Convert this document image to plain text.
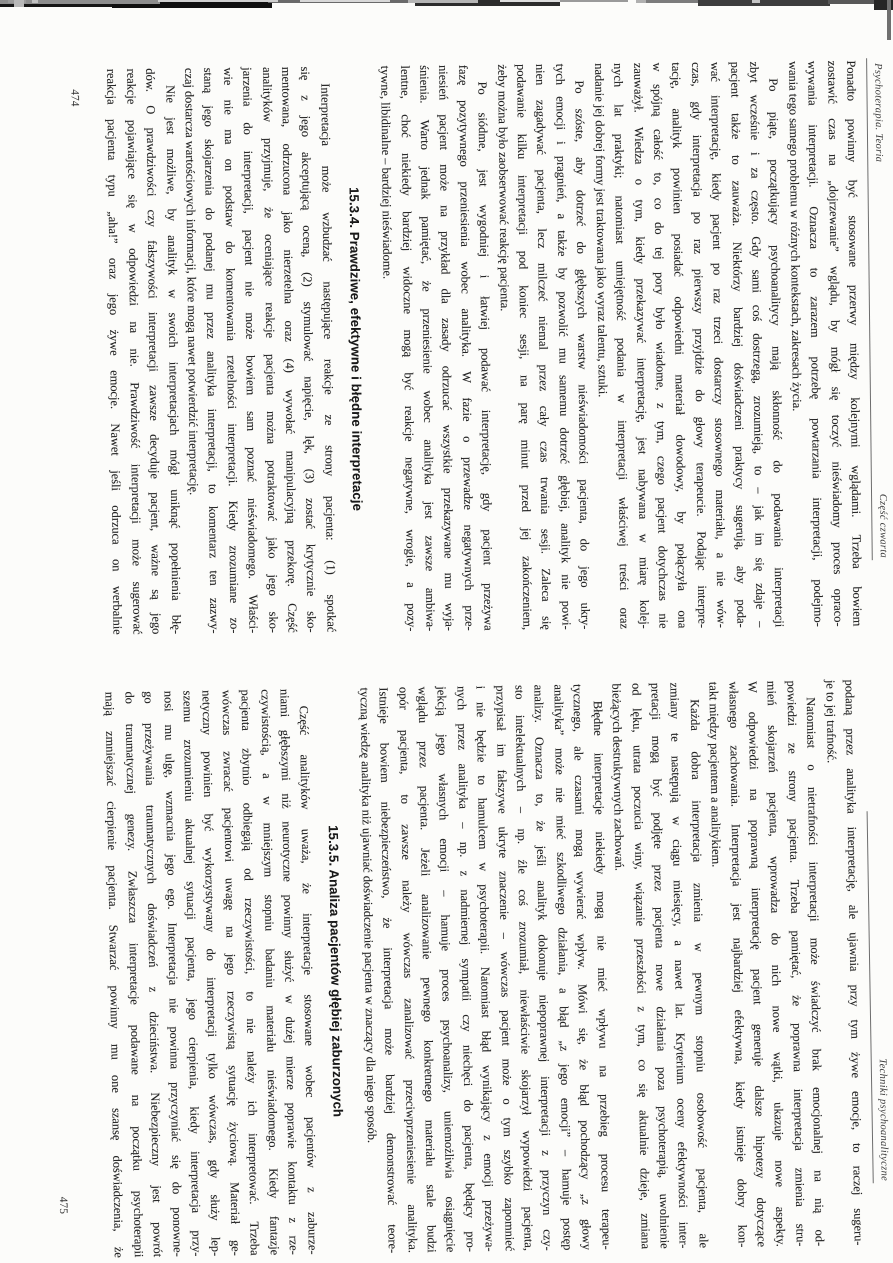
Psychoterapia. Teoria
Część czwarta
Ponadto powinny być stosowane przerwy między kolejnymi wglądami. Trzeba bowiem
zostawić czas na „dojrzewanie” wglądu, by mógł się toczyć nieświadomy proces opraco-
wywania interpretacji. Oznacza to zarazem potrzebę powtarzania interpretacji, podejmo-
wania tego samego problemu w różnych kontekstach, zakresach życia.
Po piąte, początkujący psychoanalitycy mają skłonność do podawania interpretacji
zbyt wcześnie i za często. Gdy sami coś dostrzegą, zrozumieją, to – jak im się zdaje –
pacjent także to zauważa. Niektórzy bardziej doświadczeni praktycy sugerują, aby poda-
wać interpretację, kiedy pacjent po raz trzeci dostarczy stosownego materiału, a nie wów-
czas, gdy interpretacja po raz pierwszy przyjdzie do głowy terapeucie. Podając interpre-
tację, analityk powinien posiadać odpowiedni materiał dowodowy, by połączyła ona
w spójną całość to, co do tej pory było wiadome, z tym, czego pacjent dotychczas nie
zauważył. Wiedza o tym, kiedy przekazywać interpretację, jest nabywana w miarę kolej-
nych lat praktyki; natomiast umiejętność podania w interpretacji właściwej treści oraz
nadanie jej dobrej formy jest traktowana jako wyraz talentu, sztuki.
Po szóste, aby dotrzeć do głębszych warstw nieświadomości pacjenta, do jego ukry-
tych emocji i pragnień, a także by pozwolić mu samemu dotrzeć głębiej, analityk nie powi-
nien zagadywać pacjenta, lecz milczeć niemal przez cały czas trwania sesji. Zaleca się
podawanie kilku interpretacji pod koniec sesji, na parę minut przed jej zakończeniem,
żeby można było zaobserwować reakcję pacjenta.
Po siódme, jest wygodniej i łatwiej podawać interpretację, gdy pacjent przeżywa
fazę pozytywnego przeniesienia wobec analityka. W fazie o przewadze negatywnych prze-
niesień pacjent może na przykład dla zasady odrzucać wszystkie przekazywane mu wyja-
śnienia. Warto jednak pamiętać, że przeniesienie wobec analityka jest zawsze ambiwa-
lentne, choć niekiedy bardziej widoczne mogą być reakcje negatywne, wrogie, a pozy-
tywne, libidinalne – bardziej nieświadome.
15.3.4. Prawdziwe, efektywne i błędne interpretacje
Interpretacja może wzbudzać następujące reakcje ze strony pacjenta: (1) spotkać
się z jego akceptującą oceną, (2) stymulować napięcie, lęk, (3) zostać krytycznie sko-
mentowana, odrzucona jako nierzetelna oraz (4) wywołać manipulacyjną przekorę. Część
analityków przyjmuje, że oceniające reakcje pacjenta można potraktować jako jego sko-
jarzenia do interpretacji, pacjent nie może bowiem sam poznać nieświadomego. Właści-
wie nie ma on podstaw do komentowania rzetelności interpretacji. Kiedy zrozumiane zo-
staną jego skojarzenia do podanej mu przez analityka interpretacji, to komentarz ten zazwy-
czaj dostarcza wartościowych informacji, które mogą nawet potwierdzić interpretację.
Nie jest możliwe, by analityk w swoich interpretacjach mógł uniknąć popełnienia błę-
dów. O prawdziwości czy fałszywości interpretacji zawsze decyduje pacjent, ważne są jego
reakcje pojawiające się w odpowiedzi na nie. Prawdziwość interpretacji może sugerować
reakcja pacjenta typu „aha!” oraz jego żywe emocje. Nawet jeśli odrzuca on werbalnie
474
Techniki psychoanalityczne
podaną przez analityka interpretację, ale ujawnia przy tym żywe emocje, to raczej sugeru-
je to jej trafność.
Natomiast o nietrafności interpretacji może świadczyć brak emocjonalnej na nią od-
powiedzi ze strony pacjenta. Trzeba pamiętać, że poprawna interpretacja zmienia stru-
mień skojarzeń pacjenta, wprowadza do nich nowe wątki, ukazuje nowe aspekty.
W odpowiedzi na poprawną interpretację pacjent generuje dalsze hipotezy dotyczące
własnego zachowania. Interpretacja jest najbardziej efektywna, kiedy istnieje dobry kon-
takt między pacjentem a analitykiem.
Każda dobra interpretacja zmienia w pewnym stopniu osobowość pacjenta, ale
zmiany te następują w ciągu miesięcy, a nawet lat. Kryterium oceny efektywności inter-
pretacji mogą być podjęte przez pacjenta nowe działania poza psychoterapią, uwolnienie
od lęku, utrata poczucia winy, wiązanie przeszłości z tym, co się aktualnie dzieje, zmiana
bieżących destruktywnych zachowań.
Błędne interpretacje niekiedy mogą nie mieć wpływu na przebieg procesu terapeu-
tycznego, ale czasami mogą wywierać wpływ. Mówi się, że błąd pochodzący „z głowy
analityka” może nie mieć szkodliwego działania, a błąd „z jego emocji” – hamuje postęp
analizy. Oznacza to, że jeśli analityk dokonuje niepoprawnej interpretacji z przyczyn czy-
sto intelektualnych – np. źle coś zrozumiał, niewłaściwie skojarzył wypowiedzi pacjenta,
przypisał im fałszywe ukryte znaczenie – wówczas pacjent może o tym szybko zapomnieć
i nie będzie to hamulcem w psychoterapii. Natomiast błąd wynikający z emocji przeżywa-
nych przez analityka – np. z nadmiernej sympatii czy niechęci do pacjenta, będący pro-
jekcją jego własnych emocji – hamuje proces psychoanalizy, uniemożliwia osiągnięcie
wglądu przez pacjenta. Jeżeli analizowanie pewnego konkretnego materiału stale budzi
opór pacjenta, to zawsze należy wówczas zanalizować przeciwprzeniesienie analityka.
Istnieje bowiem niebezpieczeństwo, że interpretacja może bardziej demonstrować teore-
tyczną wiedzę analityka niż ujawniać doświadczenie pacjenta w znaczący dla niego sposób.
15.3.5. Analiza pacjentów głębiej zaburzonych
Część analityków uważa, że interpretacje stosowane wobec pacjentów z zaburze-
niami głębszymi niż neurotyczne powinny służyć w dużej mierze poprawie kontaktu z rze-
czywistością, a w mniejszym stopniu badaniu materiału nieświadomego. Kiedy fantazje
pacjenta zbytnio odbiegają od rzeczywistości, to nie należy ich interpretować. Trzeba
wówczas zwracać pacjentowi uwagę na jego rzeczywistą sytuację życiową. Materiał ge-
netyczny powinien być wykorzystywany do interpretacji tylko wówczas, gdy służy lep-
szemu zrozumieniu aktualnej sytuacji pacjenta, jego cierpienia, kiedy interpretacja przy-
nosi mu ulgę, wzmacnia jego ego. Interpretacja nie powinna przyczyniać się do ponowne-
go przeżywania traumatycznych doświadczeń z dzieciństwa. Niebezpieczny jest powrót
do traumatycznej genezy. Zwłaszcza interpretacje podawane na początku psychoterapii
mają zmniejszać cierpienie pacjenta. Stwarzać powinny mu one szansę doświadczenia, że
475
